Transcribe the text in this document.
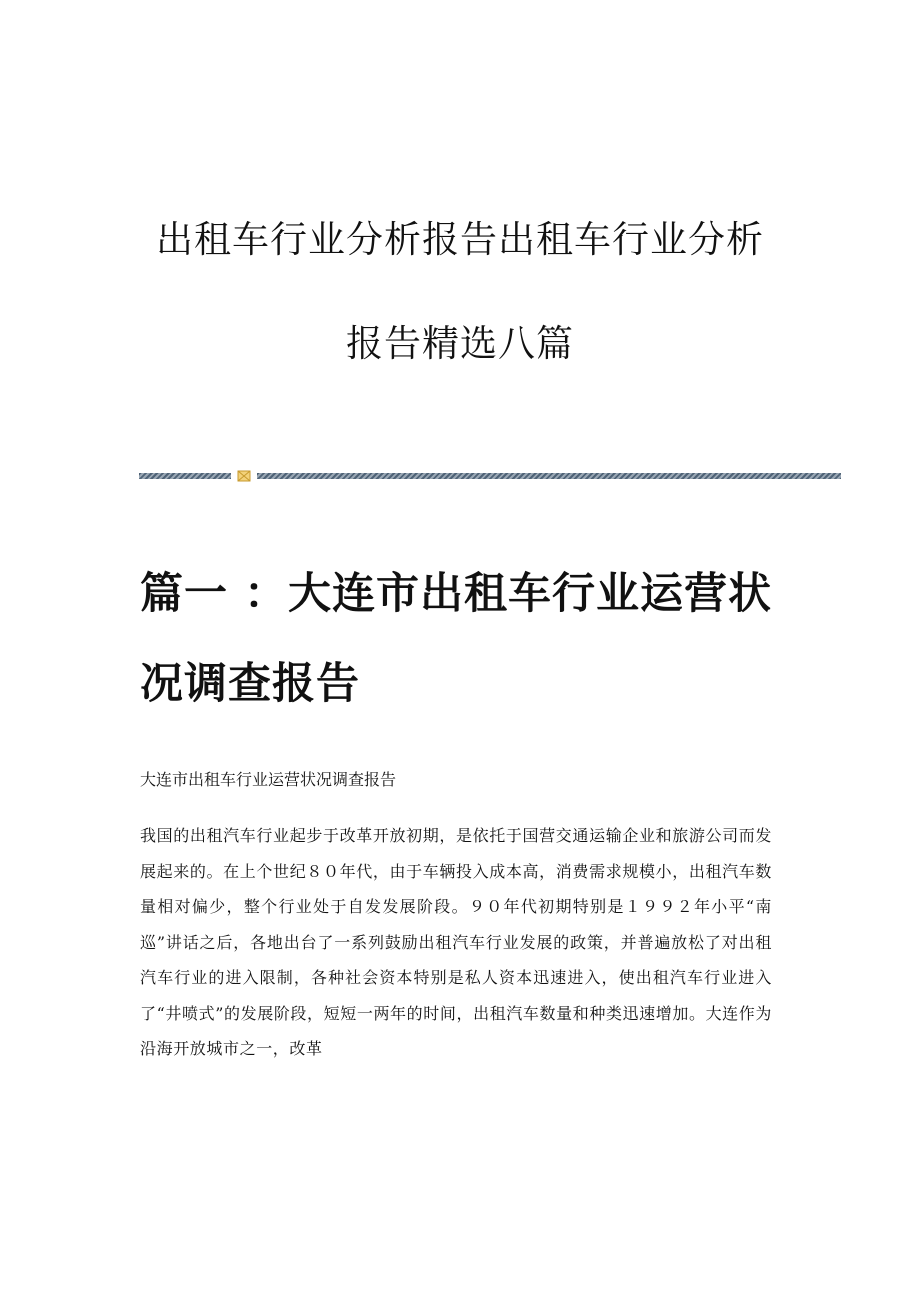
出租车行业分析报告出租车行业分析报告精选八篇
篇一 ：大连市出租车行业运营状况调查报告

大连市出租车行业运营状况调查报告

我国的出租汽车行业起步于改革开放初期，是依托于国营交通运输企业和旅游公司而发展起来的。在上个世纪８０年代，由于车辆投入成本高，消费需求规模小，出租汽车数量相对偏少，整个行业处于自发发展阶段。９０年代初期特别是１９９２年小平“南巡”讲话之后，各地出台了一系列鼓励出租汽车行业发展的政策，并普遍放松了对出租汽车行业的进入限制，各种社会资本特别是私人资本迅速进入，使出租汽车行业进入了“井喷式”的发展阶段，短短一两年的时间，出租汽车数量和种类迅速增加。大连作为沿海开放城市之一，改革
